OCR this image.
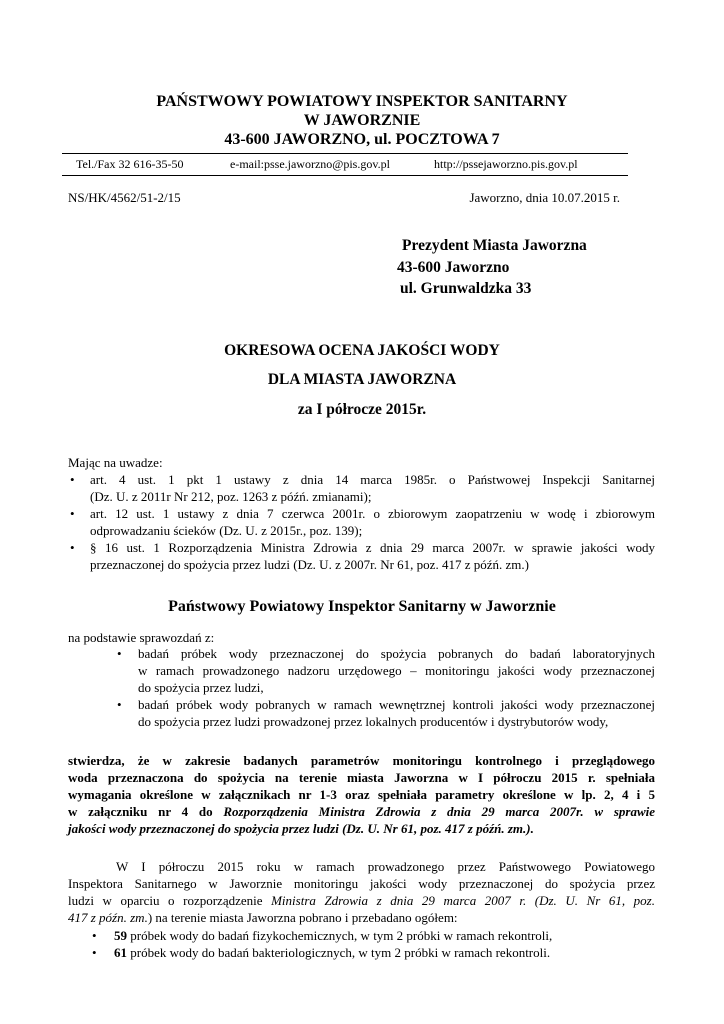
PAŃSTWOWY POWIATOWY INSPEKTOR SANITARNY
W JAWORZNIE
43-600 JAWORZNO, ul. POCZTOWA 7
Tel./Fax 32 616-35-50	e-mail:psse.jaworzno@pis.gov.pl	http://pssejaworzno.pis.gov.pl
NS/HK/4562/51-2/15	Jaworzno, dnia 10.07.2015 r.
Prezydent Miasta Jaworzna
43-600 Jaworzno
ul. Grunwaldzka 33
OKRESOWA OCENA JAKOŚCI WODY
DLA MIASTA JAWORZNA
za I półrocze 2015r.
Mając na uwadze:
• art. 4 ust. 1 pkt 1 ustawy z dnia 14 marca 1985r. o Państwowej Inspekcji Sanitarnej
(Dz. U. z 2011r Nr 212, poz. 1263 z późń. zmianami);
• art. 12 ust. 1 ustawy z dnia 7 czerwca 2001r. o zbiorowym zaopatrzeniu w wodę i zbiorowym
odprowadzaniu ścieków (Dz. U. z 2015r., poz. 139);
• § 16 ust. 1 Rozporządzenia Ministra Zdrowia z dnia 29 marca 2007r. w sprawie jakości wody
przeznaczonej do spożycia przez ludzi (Dz. U. z 2007r. Nr 61, poz. 417 z późń. zm.)
Państwowy Powiatowy Inspektor Sanitarny w Jaworznie
na podstawie sprawozdań z:
• badań próbek wody przeznaczonej do spożycia pobranych do badań laboratoryjnych
w ramach prowadzonego nadzoru urzędowego – monitoringu jakości wody przeznaczonej
do spożycia przez ludzi,
• badań próbek wody pobranych w ramach wewnętrznej kontroli jakości wody przeznaczonej
do spożycia przez ludzi prowadzonej przez lokalnych producentów i dystrybutorów wody,
stwierdza, że w zakresie badanych parametrów monitoringu kontrolnego i przeglądowego
woda przeznaczona do spożycia na terenie miasta Jaworzna w I półroczu 2015 r. spełniała
wymagania określone w załącznikach nr 1-3 oraz spełniała parametry określone w lp. 2, 4 i 5
w załączniku nr 4 do Rozporządzenia Ministra Zdrowia z dnia 29 marca 2007r. w sprawie
jakości wody przeznaczonej do spożycia przez ludzi (Dz. U. Nr 61, poz. 417 z późń. zm.).
W I półroczu 2015 roku w ramach prowadzonego przez Państwowego Powiatowego
Inspektora Sanitarnego w Jaworznie monitoringu jakości wody przeznaczonej do spożycia przez
ludzi w oparciu o rozporządzenie Ministra Zdrowia z dnia 29 marca 2007 r. (Dz. U. Nr 61, poz.
417 z późn. zm.) na terenie miasta Jaworzna pobrano i przebadano ogółem:
• 59 próbek wody do badań fizykochemicznych, w tym 2 próbki w ramach rekontroli,
• 61 próbek wody do badań bakteriologicznych, w tym 2 próbki w ramach rekontroli.
